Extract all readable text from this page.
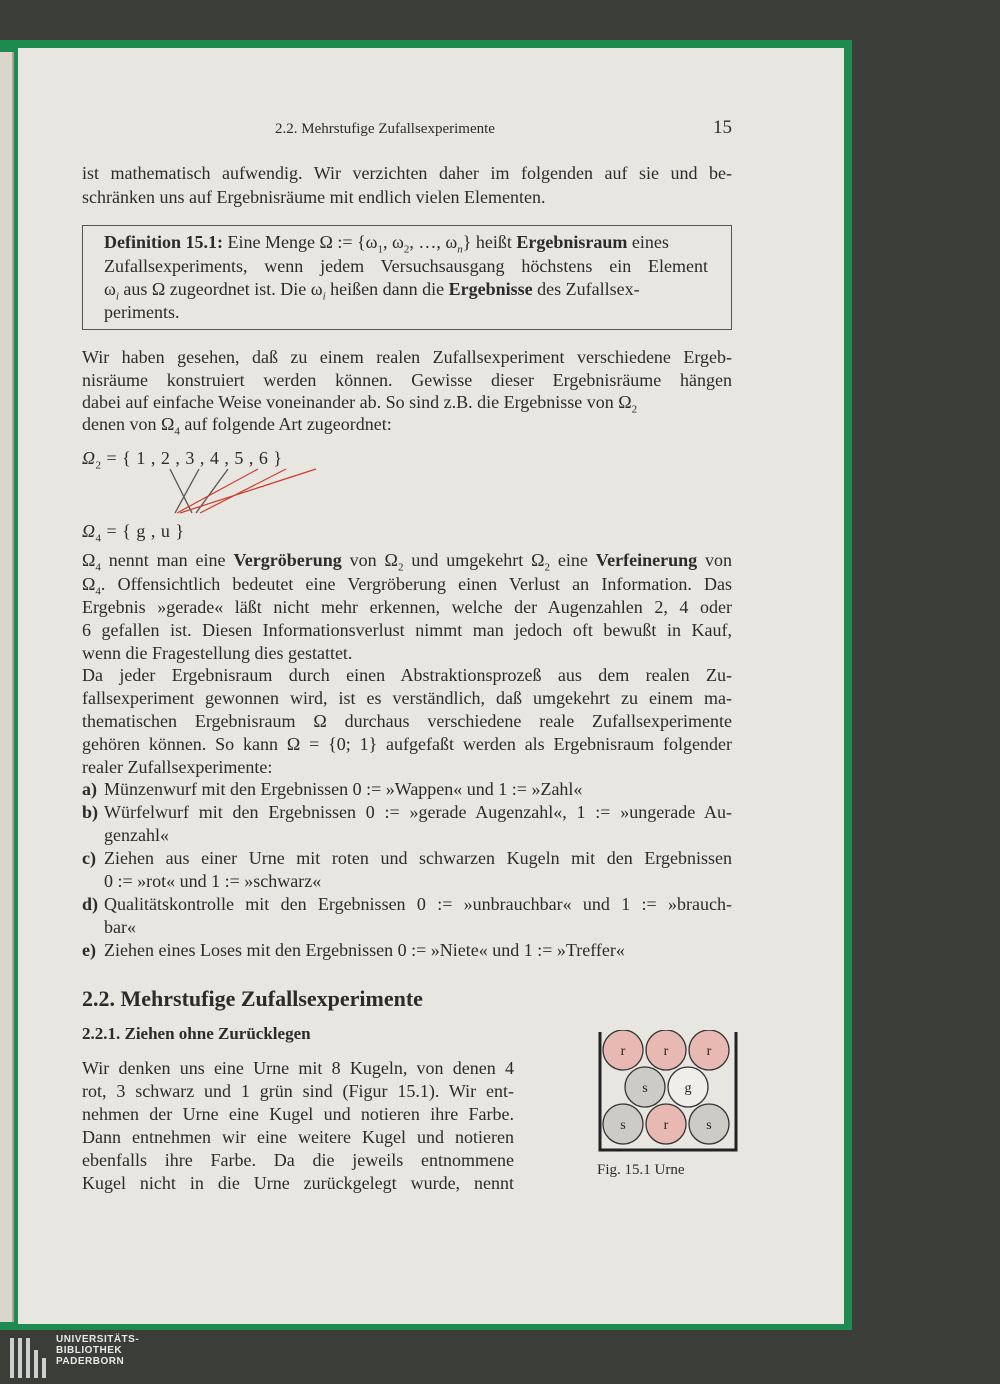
2.2. Mehrstufige Zufallsexperimente	15
ist mathematisch aufwendig. Wir verzichten daher im folgenden auf sie und be-
schränken uns auf Ergebnisräume mit endlich vielen Elementen.
Definition 15.1: Eine Menge Ω := {$\omega_1$, $\omega_2$, …, $\omega_n$} heißt Ergebnisraum eines
Zufallsexperiments, wenn jedem Versuchsausgang höchstens ein Element
$\omega_i$ aus Ω zugeordnet ist. Die $\omega_i$ heißen dann die Ergebnisse des Zufallsex-
periments.
Wir haben gesehen, daß zu einem realen Zufallsexperiment verschiedene Ergeb-
nisräume konstruiert werden können. Gewisse dieser Ergebnisräume hängen
dabei auf einfache Weise voneinander ab. So sind z.B. die Ergebnisse von $\Omega_2$
denen von $\Omega_4$ auf folgende Art zugeordnet:
$\Omega_2$ = { 1 , 2 , 3 , 4 , 5 , 6 }
$\Omega_4$ = { g , u }
$\Omega_4$ nennt man eine Vergröberung von $\Omega_2$ und umgekehrt $\Omega_2$ eine Verfeinerung von
$\Omega_4$. Offensichtlich bedeutet eine Vergröberung einen Verlust an Information. Das
Ergebnis »gerade« läßt nicht mehr erkennen, welche der Augenzahlen 2, 4 oder
6 gefallen ist. Diesen Informationsverlust nimmt man jedoch oft bewußt in Kauf,
wenn die Fragestellung dies gestattet.
Da jeder Ergebnisraum durch einen Abstraktionsprozeß aus dem realen Zu-
fallsexperiment gewonnen wird, ist es verständlich, daß umgekehrt zu einem ma-
thematischen Ergebnisraum Ω durchaus verschiedene reale Zufallsexperimente
gehören können. So kann Ω = {0; 1} aufgefaßt werden als Ergebnisraum folgender
realer Zufallsexperimente:
a) Münzenwurf mit den Ergebnissen 0 := »Wappen« und 1 := »Zahl«
b) Würfelwurf mit den Ergebnissen 0 := »gerade Augenzahl«, 1 := »ungerade Au-
genzahl«
c) Ziehen aus einer Urne mit roten und schwarzen Kugeln mit den Ergebnissen
0 := »rot« und 1 := »schwarz«
d) Qualitätskontrolle mit den Ergebnissen 0 := »unbrauchbar« und 1 := »brauch-
bar«
e) Ziehen eines Loses mit den Ergebnissen 0 := »Niete« und 1 := »Treffer«
2.2. Mehrstufige Zufallsexperimente
2.2.1. Ziehen ohne Zurücklegen
Wir denken uns eine Urne mit 8 Kugeln, von denen 4
rot, 3 schwarz und 1 grün sind (Figur 15.1). Wir ent-
nehmen der Urne eine Kugel und notieren ihre Farbe.
Dann entnehmen wir eine weitere Kugel und notieren
ebenfalls ihre Farbe. Da die jeweils entnommene
Kugel nicht in die Urne zurückgelegt wurde, nennt
r	r	r
s	g
s	r	s
Fig. 15.1 Urne
UNIVERSITÄTS-
BIBLIOTHEK
PADERBORN
